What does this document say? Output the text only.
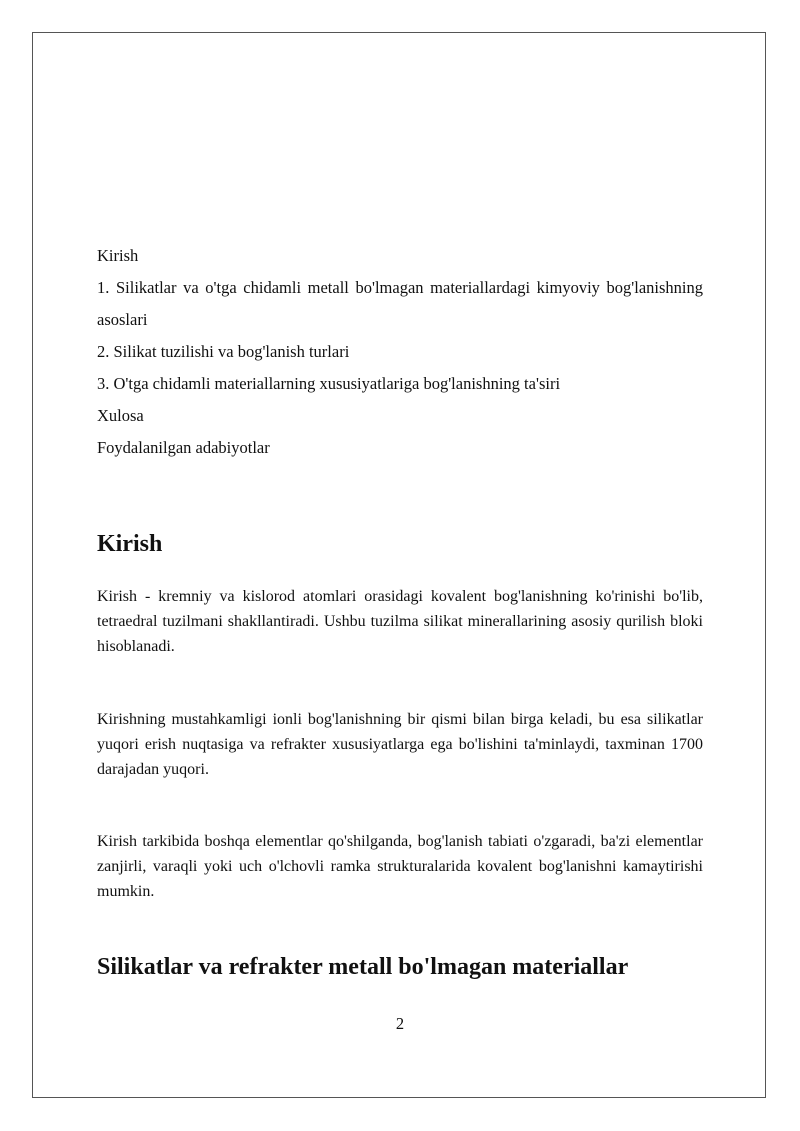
Kirish

1. Silikatlar va o'tga chidamli metall bo'lmagan materiallardagi kimyoviy bog'lanishning asoslari

2. Silikat tuzilishi va bog'lanish turlari

3. O'tga chidamli materiallarning xususiyatlariga bog'lanishning ta'siri

Xulosa

Foydalanilgan adabiyotlar

Kirish

Kirish - kremniy va kislorod atomlari orasidagi kovalent bog'lanishning ko'rinishi bo'lib, tetraedral tuzilmani shakllantiradi. Ushbu tuzilma silikat minerallarining asosiy qurilish bloki hisoblanadi.

Kirishning mustahkamligi ionli bog'lanishning bir qismi bilan birga keladi, bu esa silikatlar yuqori erish nuqtasiga va refrakter xususiyatlarga ega bo'lishini ta'minlaydi, taxminan 1700 darajadan yuqori.

Kirish tarkibida boshqa elementlar qo'shilganda, bog'lanish tabiati o'zgaradi, ba'zi elementlar zanjirli, varaqli yoki uch o'lchovli ramka strukturalarida kovalent bog'lanishni kamaytirishi mumkin.

Silikatlar va refrakter metall bo'lmagan materiallar
2
